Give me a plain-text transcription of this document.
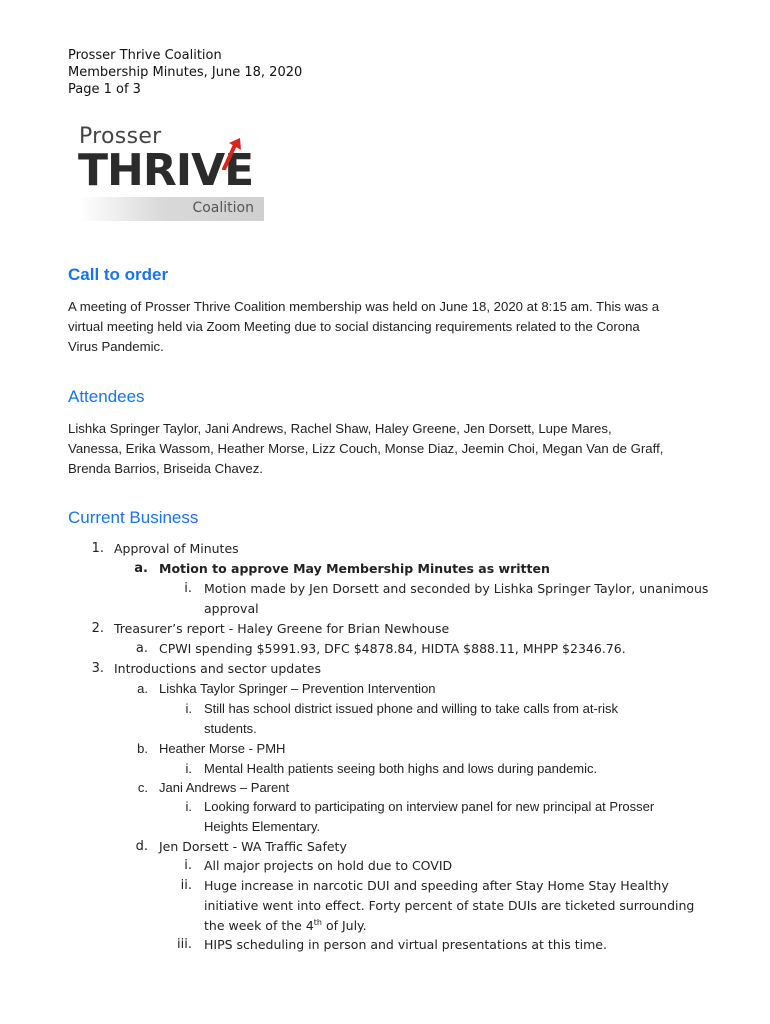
Prosser Thrive Coalition
Membership Minutes, June 18, 2020
Page 1 of 3
Prosser
THRIVE
Coalition
Call to order
A meeting of Prosser Thrive Coalition membership was held on June 18, 2020 at 8:15 am. This was a
virtual meeting held via Zoom Meeting due to social distancing requirements related to the Corona
Virus Pandemic.
Attendees
Lishka Springer Taylor, Jani Andrews, Rachel Shaw, Haley Greene, Jen Dorsett, Lupe Mares,
Vanessa, Erika Wassom, Heather Morse, Lizz Couch, Monse Diaz, Jeemin Choi, Megan Van de Graff,
Brenda Barrios, Briseida Chavez.
Current Business
1. Approval of Minutes
a. Motion to approve May Membership Minutes as written
i. Motion made by Jen Dorsett and seconded by Lishka Springer Taylor, unanimous
approval
2. Treasurer’s report - Haley Greene for Brian Newhouse
a. CPWI spending $5991.93, DFC $4878.84, HIDTA $888.11, MHPP $2346.76.
3. Introductions and sector updates
a. Lishka Taylor Springer – Prevention Intervention
i. Still has school district issued phone and willing to take calls from at-risk
students.
b. Heather Morse - PMH
i. Mental Health patients seeing both highs and lows during pandemic.
c. Jani Andrews – Parent
i. Looking forward to participating on interview panel for new principal at Prosser
Heights Elementary.
d. Jen Dorsett - WA Traffic Safety
i. All major projects on hold due to COVID
ii. Huge increase in narcotic DUI and speeding after Stay Home Stay Healthy
initiative went into effect. Forty percent of state DUIs are ticketed surrounding
the week of the 4th of July.
iii. HIPS scheduling in person and virtual presentations at this time.
